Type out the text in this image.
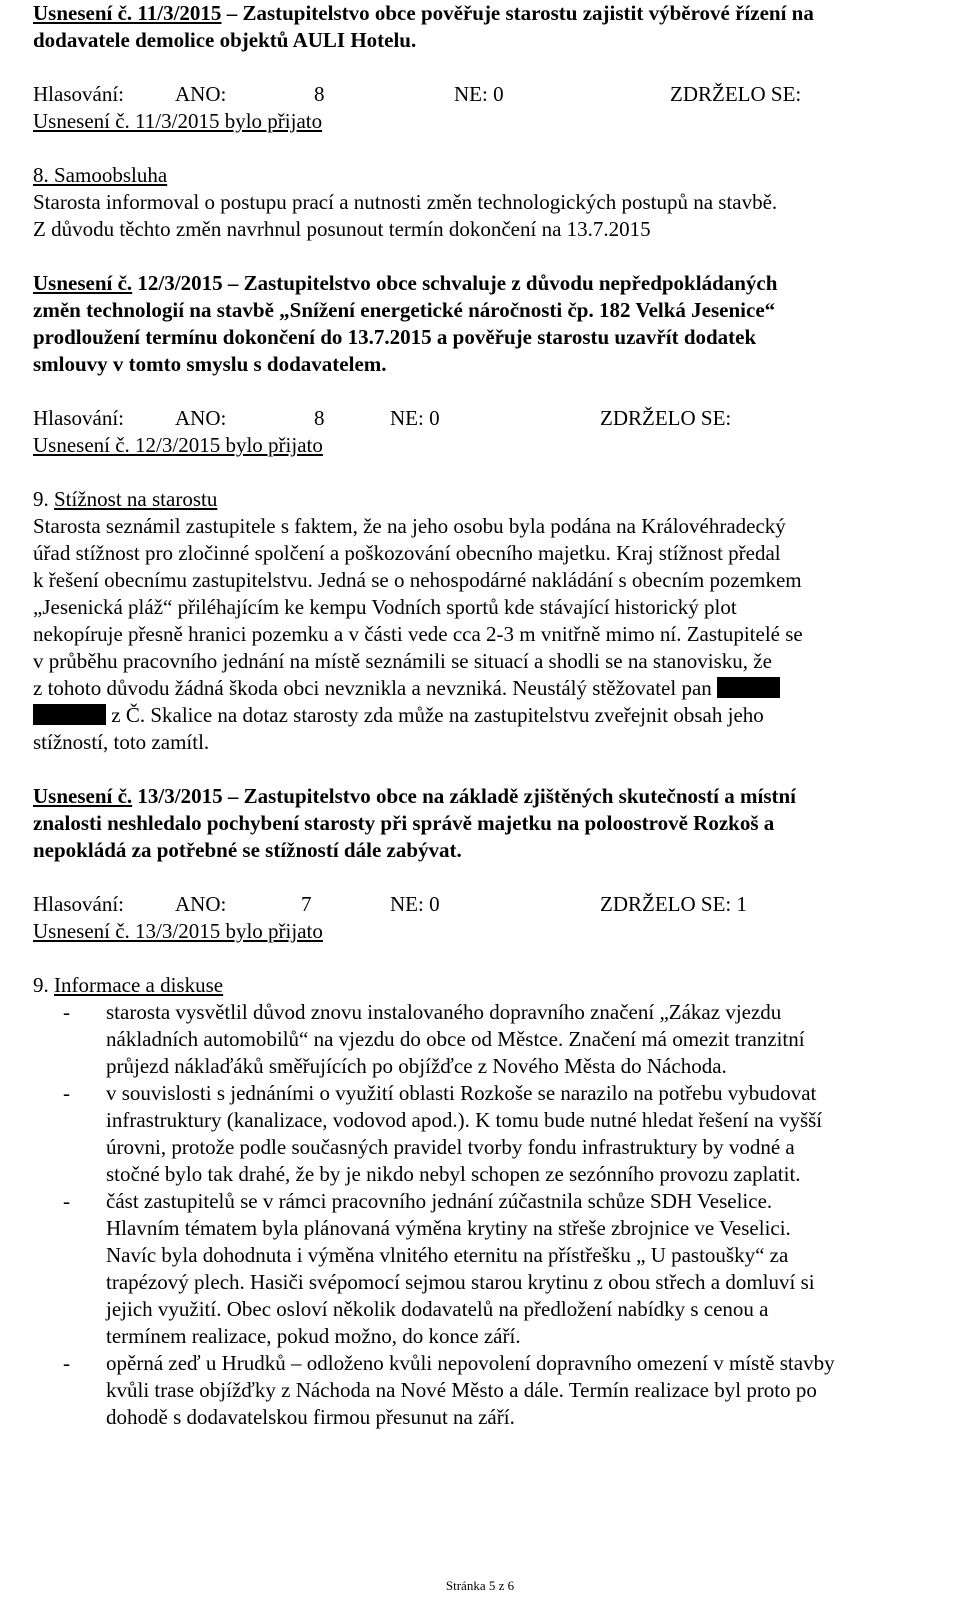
Usnesení č. 11/3/2015 – Zastupitelstvo obce pověřuje starostu zajistit výběrové řízení na
dodavatele demolice objektů AULI Hotelu.
Hlasování: ANO:	8	NE: 0	ZDRŽELO SE:
Usnesení č. 11/3/2015 bylo přijato
8. Samoobsluha
Starosta informoval o postupu prací a nutnosti změn technologických postupů na stavbě.
Z důvodu těchto změn navrhnul posunout termín dokončení na 13.7.2015
Usnesení č. 12/3/2015 – Zastupitelstvo obce schvaluje z důvodu nepředpokládaných
změn technologií na stavbě „Snížení energetické náročnosti čp. 182 Velká Jesenice“
prodloužení termínu dokončení do 13.7.2015 a pověřuje starostu uzavřít dodatek
smlouvy v tomto smyslu s dodavatelem.
Hlasování: ANO:	8	NE: 0	ZDRŽELO SE:
Usnesení č. 12/3/2015 bylo přijato
9. Stížnost na starostu
Starosta seznámil zastupitele s faktem, že na jeho osobu byla podána na Královéhradecký
úřad stížnost pro zločinné spolčení a poškozování obecního majetku. Kraj stížnost předal
k řešení obecnímu zastupitelstvu. Jedná se o nehospodárné nakládání s obecním pozemkem
„Jesenická pláž“ přiléhajícím ke kempu Vodních sportů kde stávající historický plot
nekopíruje přesně hranici pozemku a v části vede cca 2-3 m vnitřně mimo ní. Zastupitelé se
v průběhu pracovního jednání na místě seznámili se situací a shodli se na stanovisku, že
z tohoto důvodu žádná škoda obci nevznikla a nevzniká. Neustálý stěžovatel pan
z Č. Skalice na dotaz starosty zda může na zastupitelstvu zveřejnit obsah jeho
stížností, toto zamítl.
Usnesení č. 13/3/2015 – Zastupitelstvo obce na základě zjištěných skutečností a místní
znalosti neshledalo pochybení starosty při správě majetku na poloostrově Rozkoš a
nepokládá za potřebné se stížností dále zabývat.
Hlasování: ANO:	7	NE: 0	ZDRŽELO SE: 1
Usnesení č. 13/3/2015 bylo přijato
9. Informace a diskuse
- starosta vysvětlil důvod znovu instalovaného dopravního značení „Zákaz vjezdu
nákladních automobilů“ na vjezdu do obce od Městce. Značení má omezit tranzitní
průjezd náklaďáků směřujících po objížďce z Nového Města do Náchoda.
- v souvislosti s jednáními o využití oblasti Rozkoše se narazilo na potřebu vybudovat
infrastruktury (kanalizace, vodovod apod.). K tomu bude nutné hledat řešení na vyšší
úrovni, protože podle současných pravidel tvorby fondu infrastruktury by vodné a
stočné bylo tak drahé, že by je nikdo nebyl schopen ze sezónního provozu zaplatit.
- část zastupitelů se v rámci pracovního jednání zúčastnila schůze SDH Veselice.
Hlavním tématem byla plánovaná výměna krytiny na střeše zbrojnice ve Veselici.
Navíc byla dohodnuta i výměna vlnitého eternitu na přístřešku „ U pastoušky“ za
trapézový plech. Hasiči svépomocí sejmou starou krytinu z obou střech a domluví si
jejich využití. Obec osloví několik dodavatelů na předložení nabídky s cenou a
termínem realizace, pokud možno, do konce září.
- opěrná zeď u Hrudků – odloženo kvůli nepovolení dopravního omezení v místě stavby
kvůli trase objížďky z Náchoda na Nové Město a dále. Termín realizace byl proto po
dohodě s dodavatelskou firmou přesunut na září.
Stránka 5 z 6
